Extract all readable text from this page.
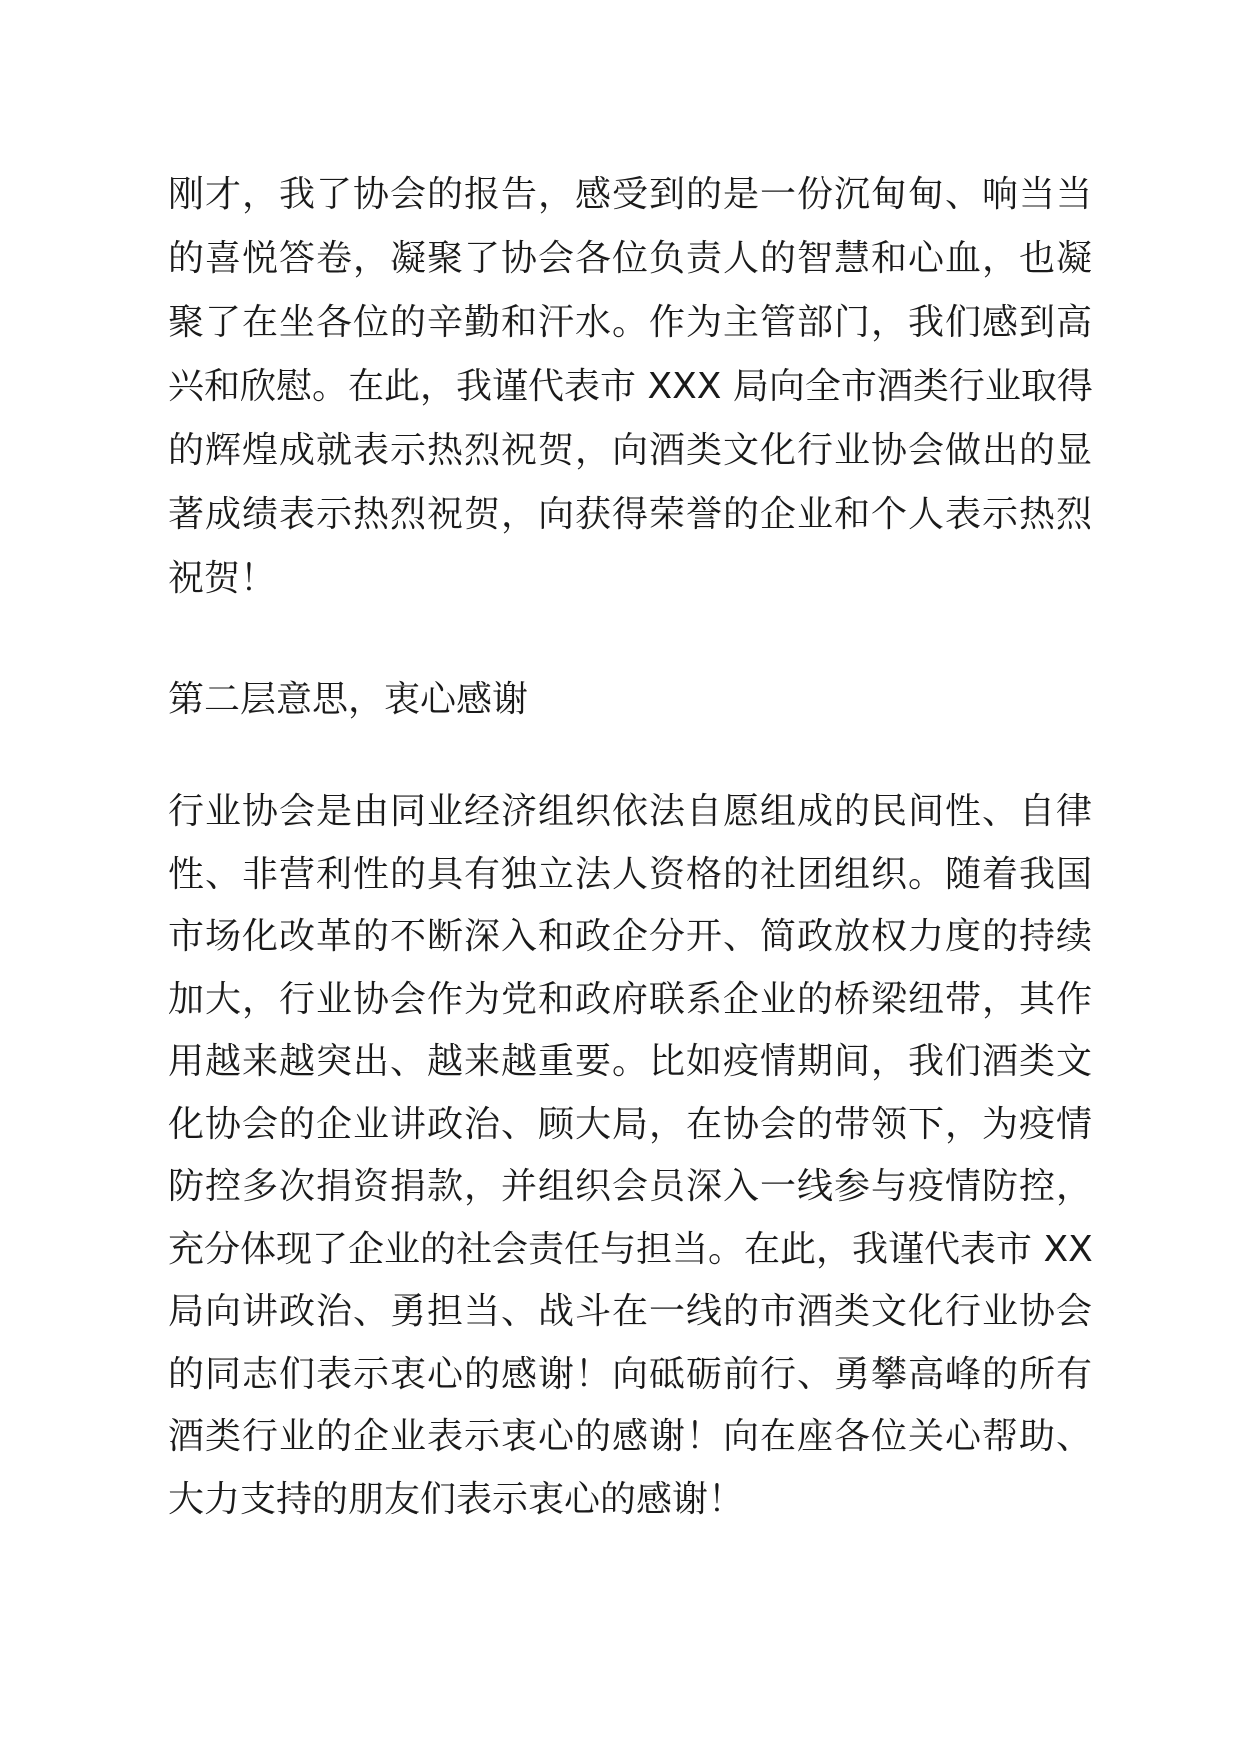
刚才，我了协会的报告，感受到的是一份沉甸甸、响当当
的喜悦答卷，凝聚了协会各位负责人的智慧和心血，也凝
聚了在坐各位的辛勤和汗水。作为主管部门，我们感到高
兴和欣慰。在此，我谨代表市 XXX 局向全市酒类行业取得
的辉煌成就表示热烈祝贺，向酒类文化行业协会做出的显
著成绩表示热烈祝贺，向获得荣誉的企业和个人表示热烈
祝贺！
第二层意思，衷心感谢
行业协会是由同业经济组织依法自愿组成的民间性、自律
性、非营利性的具有独立法人资格的社团组织。随着我国
市场化改革的不断深入和政企分开、简政放权力度的持续
加大，行业协会作为党和政府联系企业的桥梁纽带，其作
用越来越突出、越来越重要。比如疫情期间，我们酒类文
化协会的企业讲政治、顾大局，在协会的带领下，为疫情
防控多次捐资捐款，并组织会员深入一线参与疫情防控，
充分体现了企业的社会责任与担当。在此，我谨代表市 XX
局向讲政治、勇担当、战斗在一线的市酒类文化行业协会
的同志们表示衷心的感谢！向砥砺前行、勇攀高峰的所有
酒类行业的企业表示衷心的感谢！向在座各位关心帮助、
大力支持的朋友们表示衷心的感谢！
